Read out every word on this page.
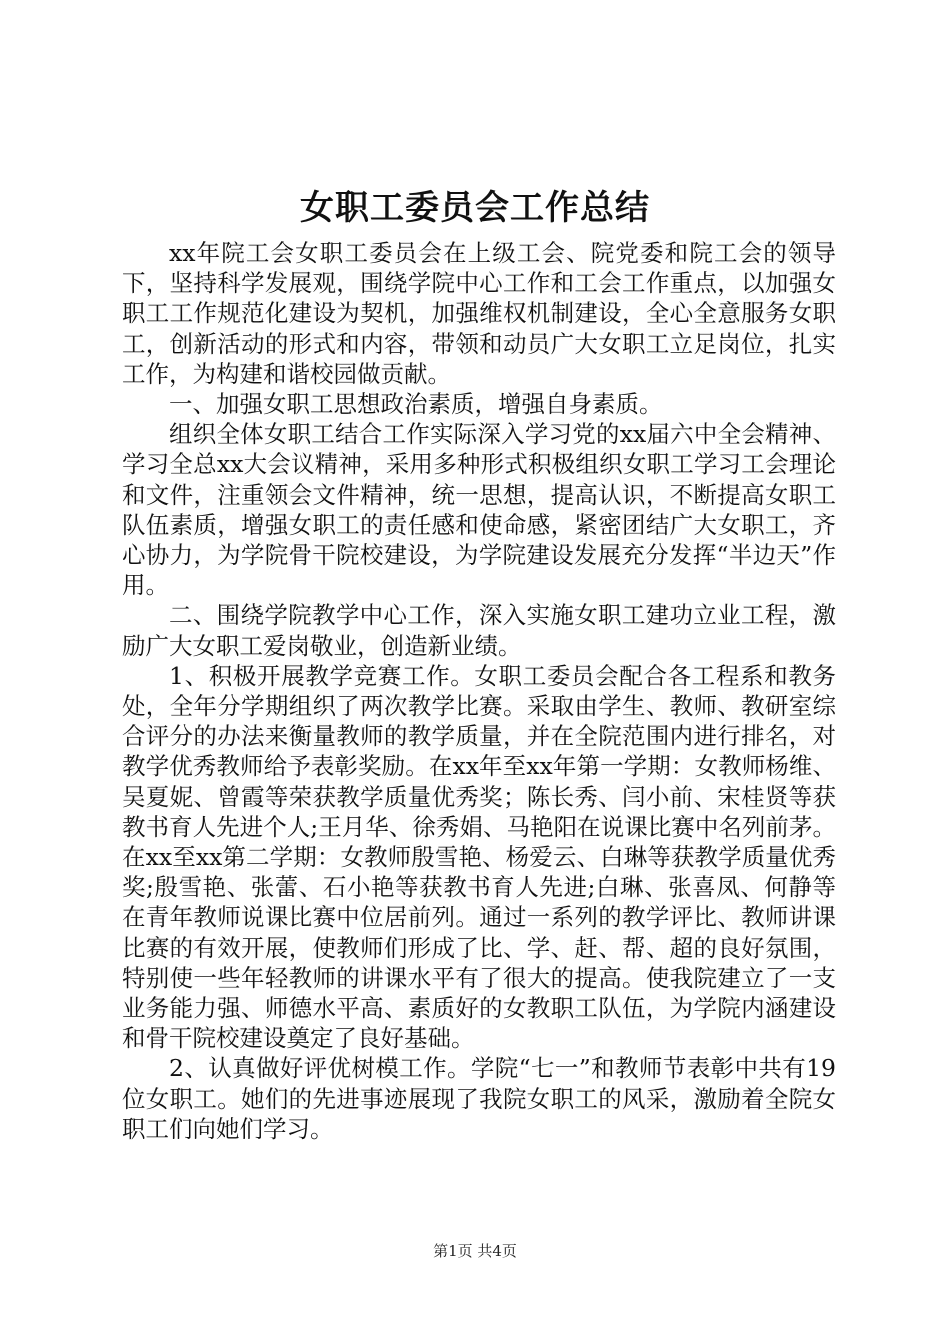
女职工委员会工作总结

xx年院工会女职工委员会在上级工会、院党委和院工会的领导下，坚持科学发展观，围绕学院中心工作和工会工作重点，以加强女职工工作规范化建设为契机，加强维权机制建设，全心全意服务女职工，创新活动的形式和内容，带领和动员广大女职工立足岗位，扎实工作，为构建和谐校园做贡献。

一、加强女职工思想政治素质，增强自身素质。

组织全体女职工结合工作实际深入学习党的xx届六中全会精神、学习全总xx大会议精神，采用多种形式积极组织女职工学习工会理论和文件，注重领会文件精神，统一思想，提高认识，不断提高女职工队伍素质，增强女职工的责任感和使命感，紧密团结广大女职工，齐心协力，为学院骨干院校建设，为学院建设发展充分发挥“半边天”作用。

二、围绕学院教学中心工作，深入实施女职工建功立业工程，激励广大女职工爱岗敬业，创造新业绩。

1、积极开展教学竞赛工作。女职工委员会配合各工程系和教务处，全年分学期组织了两次教学比赛。采取由学生、教师、教研室综合评分的办法来衡量教师的教学质量，并在全院范围内进行排名，对教学优秀教师给予表彰奖励。在xx年至xx年第一学期：女教师杨维、吴夏妮、曾霞等荣获教学质量优秀奖；陈长秀、闫小前、宋桂贤等获教书育人先进个人;王月华、徐秀娟、马艳阳在说课比赛中名列前茅。在xx至xx第二学期：女教师殷雪艳、杨爱云、白琳等获教学质量优秀奖;殷雪艳、张蕾、石小艳等获教书育人先进;白琳、张喜凤、何静等在青年教师说课比赛中位居前列。通过一系列的教学评比、教师讲课比赛的有效开展，使教师们形成了比、学、赶、帮、超的良好氛围，特别使一些年轻教师的讲课水平有了很大的提高。使我院建立了一支业务能力强、师德水平高、素质好的女教职工队伍，为学院内涵建设和骨干院校建设奠定了良好基础。

2、认真做好评优树模工作。学院“七一”和教师节表彰中共有19位女职工。她们的先进事迹展现了我院女职工的风采，激励着全院女职工们向她们学习。

第1页 共4页
